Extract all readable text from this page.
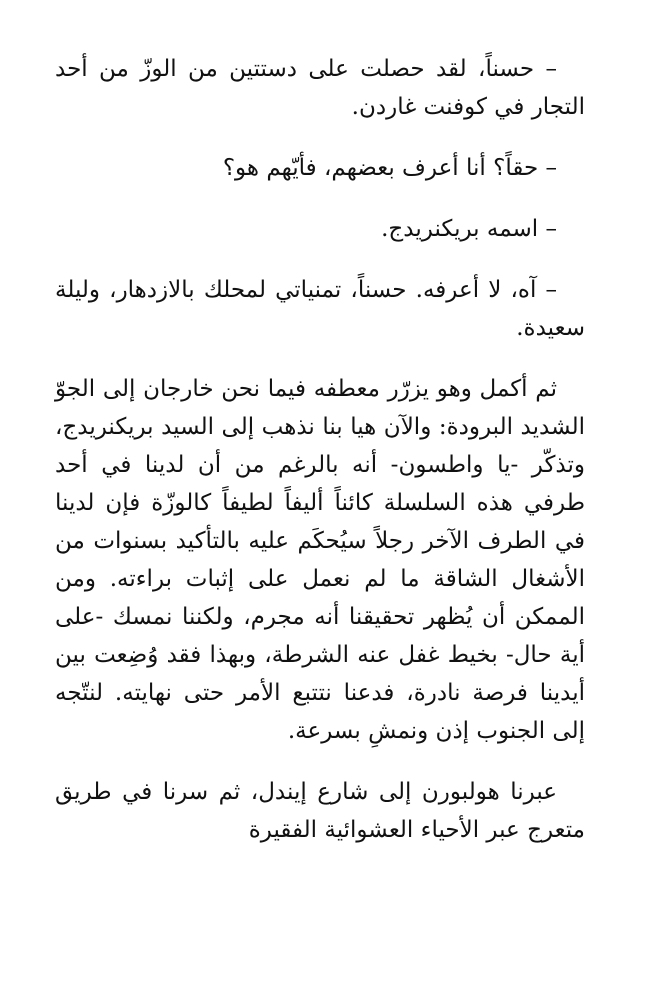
– حسناً، لقد حصلت على دستتين من الوزّ من أحد التجار في كوفنت غاردن.

– حقاً؟ أنا أعرف بعضهم، فأيّهم هو؟

– اسمه بريكنريدج.

– آه، لا أعرفه. حسناً، تمنياتي لمحلك بالازدهار، وليلة سعيدة.

ثم أكمل وهو يزرّر معطفه فيما نحن خارجان إلى الجوّ الشديد البرودة: والآن هيا بنا نذهب إلى السيد بريكنريدج، وتذكّر -يا واطسون- أنه بالرغم من أن لدينا في أحد طرفي هذه السلسلة كائناً أليفاً لطيفاً كالوزّة فإن لدينا في الطرف الآخر رجلاً سيُحكَم عليه بالتأكيد بسنوات من الأشغال الشاقة ما لم نعمل على إثبات براءته. ومن الممكن أن يُظهر تحقيقنا أنه مجرم، ولكننا نمسك -على أية حال- بخيط غفل عنه الشرطة، وبهذا فقد وُضِعت بين أيدينا فرصة نادرة، فدعنا نتتبع الأمر حتى نهايته. لنتّجه إلى الجنوب إذن ونمشِ بسرعة.

عبرنا هولبورن إلى شارع إيندل، ثم سرنا في طريق متعرج عبر الأحياء العشوائية الفقيرة
